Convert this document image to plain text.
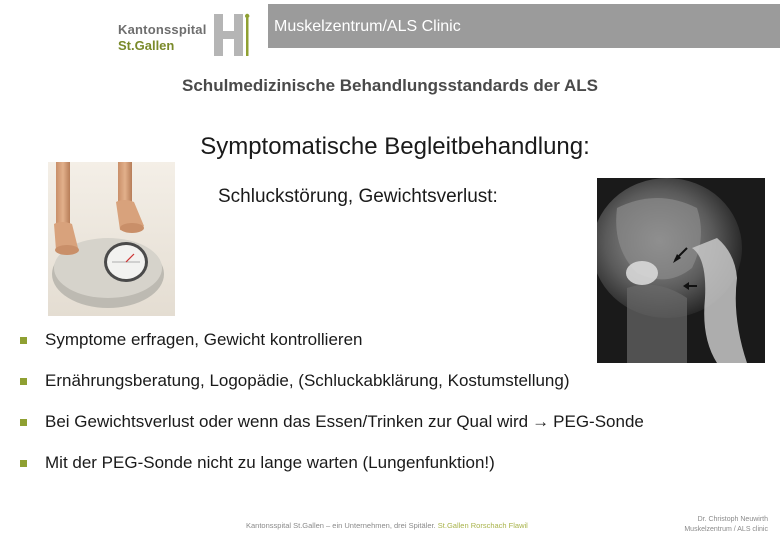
Kantonsspital
St.Gallen
Muskelzentrum/ALS Clinic
Schulmedizinische Behandlungsstandards der ALS
Symptomatische Begleitbehandlung:
Schluckstörung, Gewichtsverlust:
Symptome erfragen, Gewicht kontrollieren
Ernährungsberatung, Logopädie, (Schluckabklärung, Kostumstellung)
Bei Gewichtsverlust oder wenn das Essen/Trinken zur Qual wird → PEG-Sonde
Mit der PEG-Sonde nicht zu lange warten (Lungenfunktion!)
Kantonsspital St.Gallen – ein Unternehmen, drei Spitäler. St.Gallen Rorschach Flawil
Dr. Christoph Neuwirth
Muskelzentrum / ALS clinic
